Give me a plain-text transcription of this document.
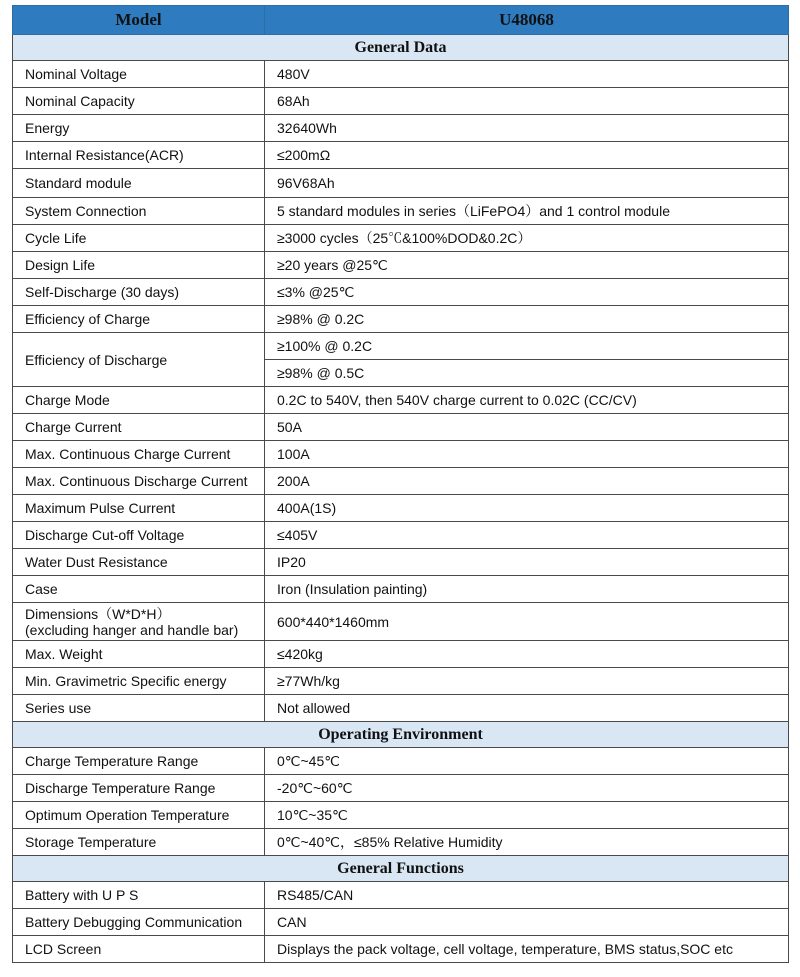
Model	U48068
General Data	
Nominal Voltage	480V
Nominal Capacity	68Ah
Energy	32640Wh
Internal Resistance(ACR)	≤200mΩ
Standard module	96V68Ah
System Connection	5 standard modules in series（LiFePO4）and 1 control module
Cycle Life	≥3000 cycles（25℃&100%DOD&0.2C）
Design Life	≥20 years @25℃
Self-Discharge (30 days)	≤3% @25℃
Efficiency of Charge	≥98% @ 0.2C
Efficiency of Discharge	≥100% @ 0.2C
	≥98% @ 0.5C
Charge Mode	0.2C to 540V, then 540V charge current to 0.02C (CC/CV)
Charge Current	50A
Max. Continuous Charge Current	100A
Max. Continuous Discharge Current	200A
Maximum Pulse Current	400A(1S)
Discharge Cut-off Voltage	≤405V
Water Dust Resistance	IP20
Case	Iron (Insulation painting)

Dimensions（W*D*H）
(excluding hanger and handle bar)	600*440*1460mm
Max. Weight	≤420kg
Min. Gravimetric Specific energy	≥77Wh/kg
Series use	Not allowed
Operating Environment	
Charge Temperature Range	0℃~45℃
Discharge Temperature Range	-20℃~60℃
Optimum Operation Temperature	10℃~35℃
Storage Temperature	0℃~40℃，≤85% Relative Humidity
General Functions	
Battery with U P S	RS485/CAN
Battery Debugging Communication	CAN
LCD Screen	Displays the pack voltage, cell voltage, temperature, BMS status,SOC etc
